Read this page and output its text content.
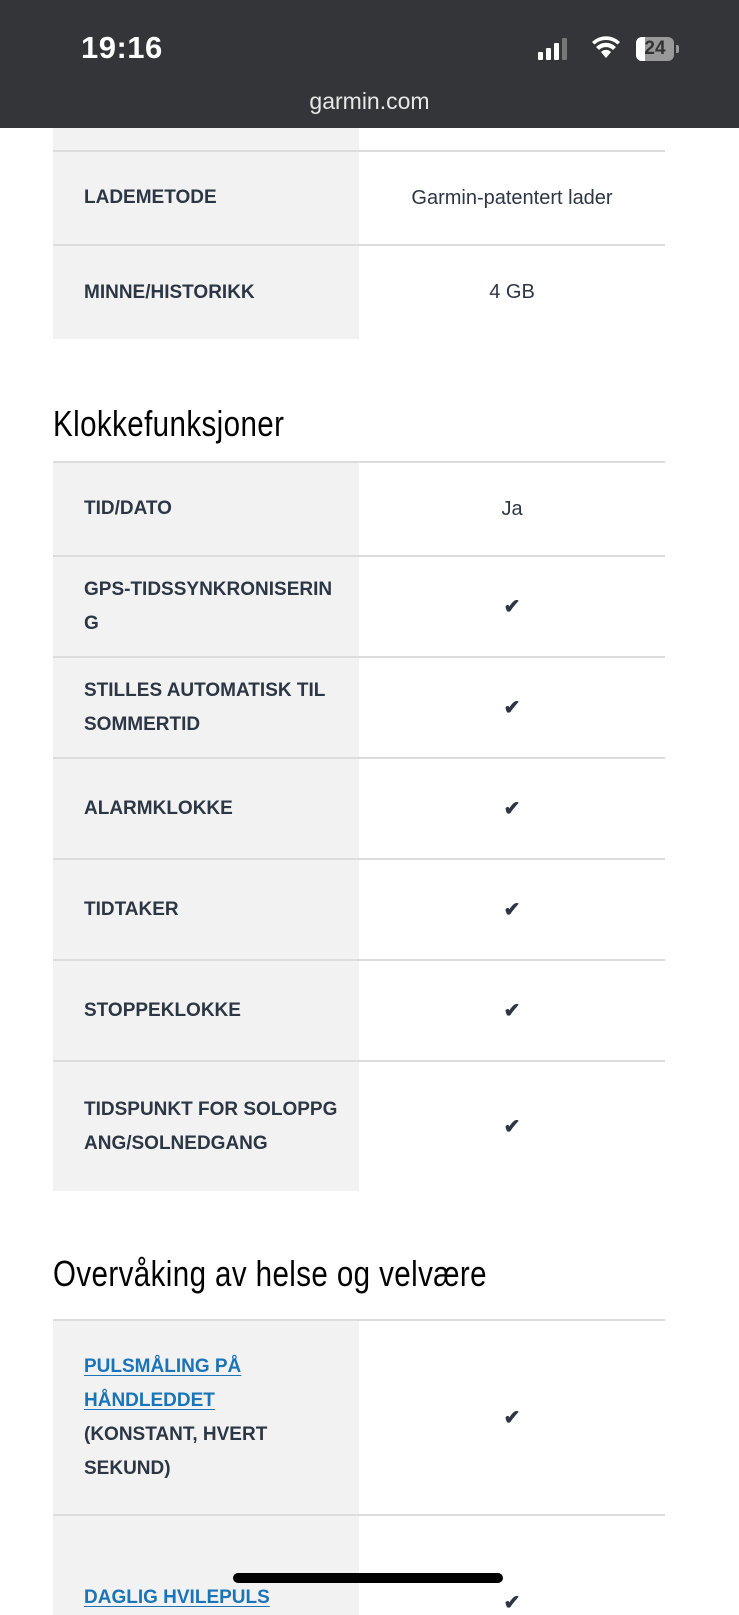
19:16	24
garmin.com

LADEMETODE	Garmin-patentert lader
MINNE/HISTORIKK	4 GB
Klokkefunksjoner
TID/DATO	Ja
GPS-TIDSSYNKRONISERING	✔
STILLES AUTOMATISK TIL SOMMERTID	✔
ALARMKLOKKE	✔
TIDTAKER	✔
STOPPEKLOKKE	✔
TIDSPUNKT FOR SOLOPPGANG/SOLNEDGANG	✔
Overvåking av helse og velvære
PULSMÅLING PÅ HÅNDLEDDET
(KONSTANT, HVERT SEKUND)	✔
DAGLIG HVILEPULS	✔
